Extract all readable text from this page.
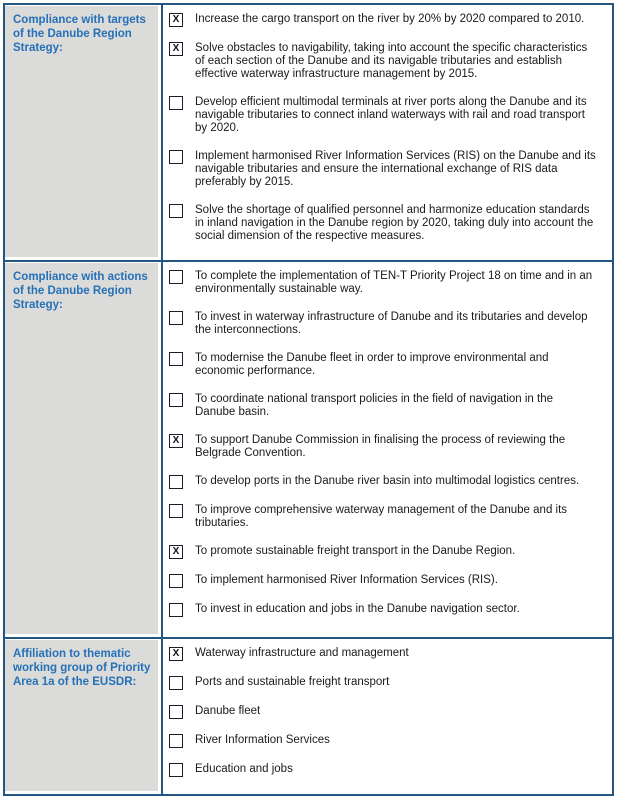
Compliance with targets of the Danube Region Strategy:
X	Increase the cargo transport on the river by 20% by 2020 compared to 2010.
X	Solve obstacles to navigability, taking into account the specific characteristics of each section of the Danube and its navigable tributaries and establish effective waterway infrastructure management by 2015.
Develop efficient multimodal terminals at river ports along the Danube and its navigable tributaries to connect inland waterways with rail and road transport by 2020.
Implement harmonised River Information Services (RIS) on the Danube and its navigable tributaries and ensure the international exchange of RIS data preferably by 2015.
Solve the shortage of qualified personnel and harmonize education standards in inland navigation in the Danube region by 2020, taking duly into account the social dimension of the respective measures.
Compliance with actions of the Danube Region Strategy:
To complete the implementation of TEN-T Priority Project 18 on time and in an environmentally sustainable way.
To invest in waterway infrastructure of Danube and its tributaries and develop the interconnections.
To modernise the Danube fleet in order to improve environmental and economic performance.
To coordinate national transport policies in the field of navigation in the Danube basin.
X	To support Danube Commission in finalising the process of reviewing the Belgrade Convention.
To develop ports in the Danube river basin into multimodal logistics centres.
To improve comprehensive waterway management of the Danube and its tributaries.
X	To promote sustainable freight transport in the Danube Region.
To implement harmonised River Information Services (RIS).
To invest in education and jobs in the Danube navigation sector.
Affiliation to thematic working group of Priority Area 1a of the EUSDR:
X	Waterway infrastructure and management
Ports and sustainable freight transport
Danube fleet
River Information Services
Education and jobs
